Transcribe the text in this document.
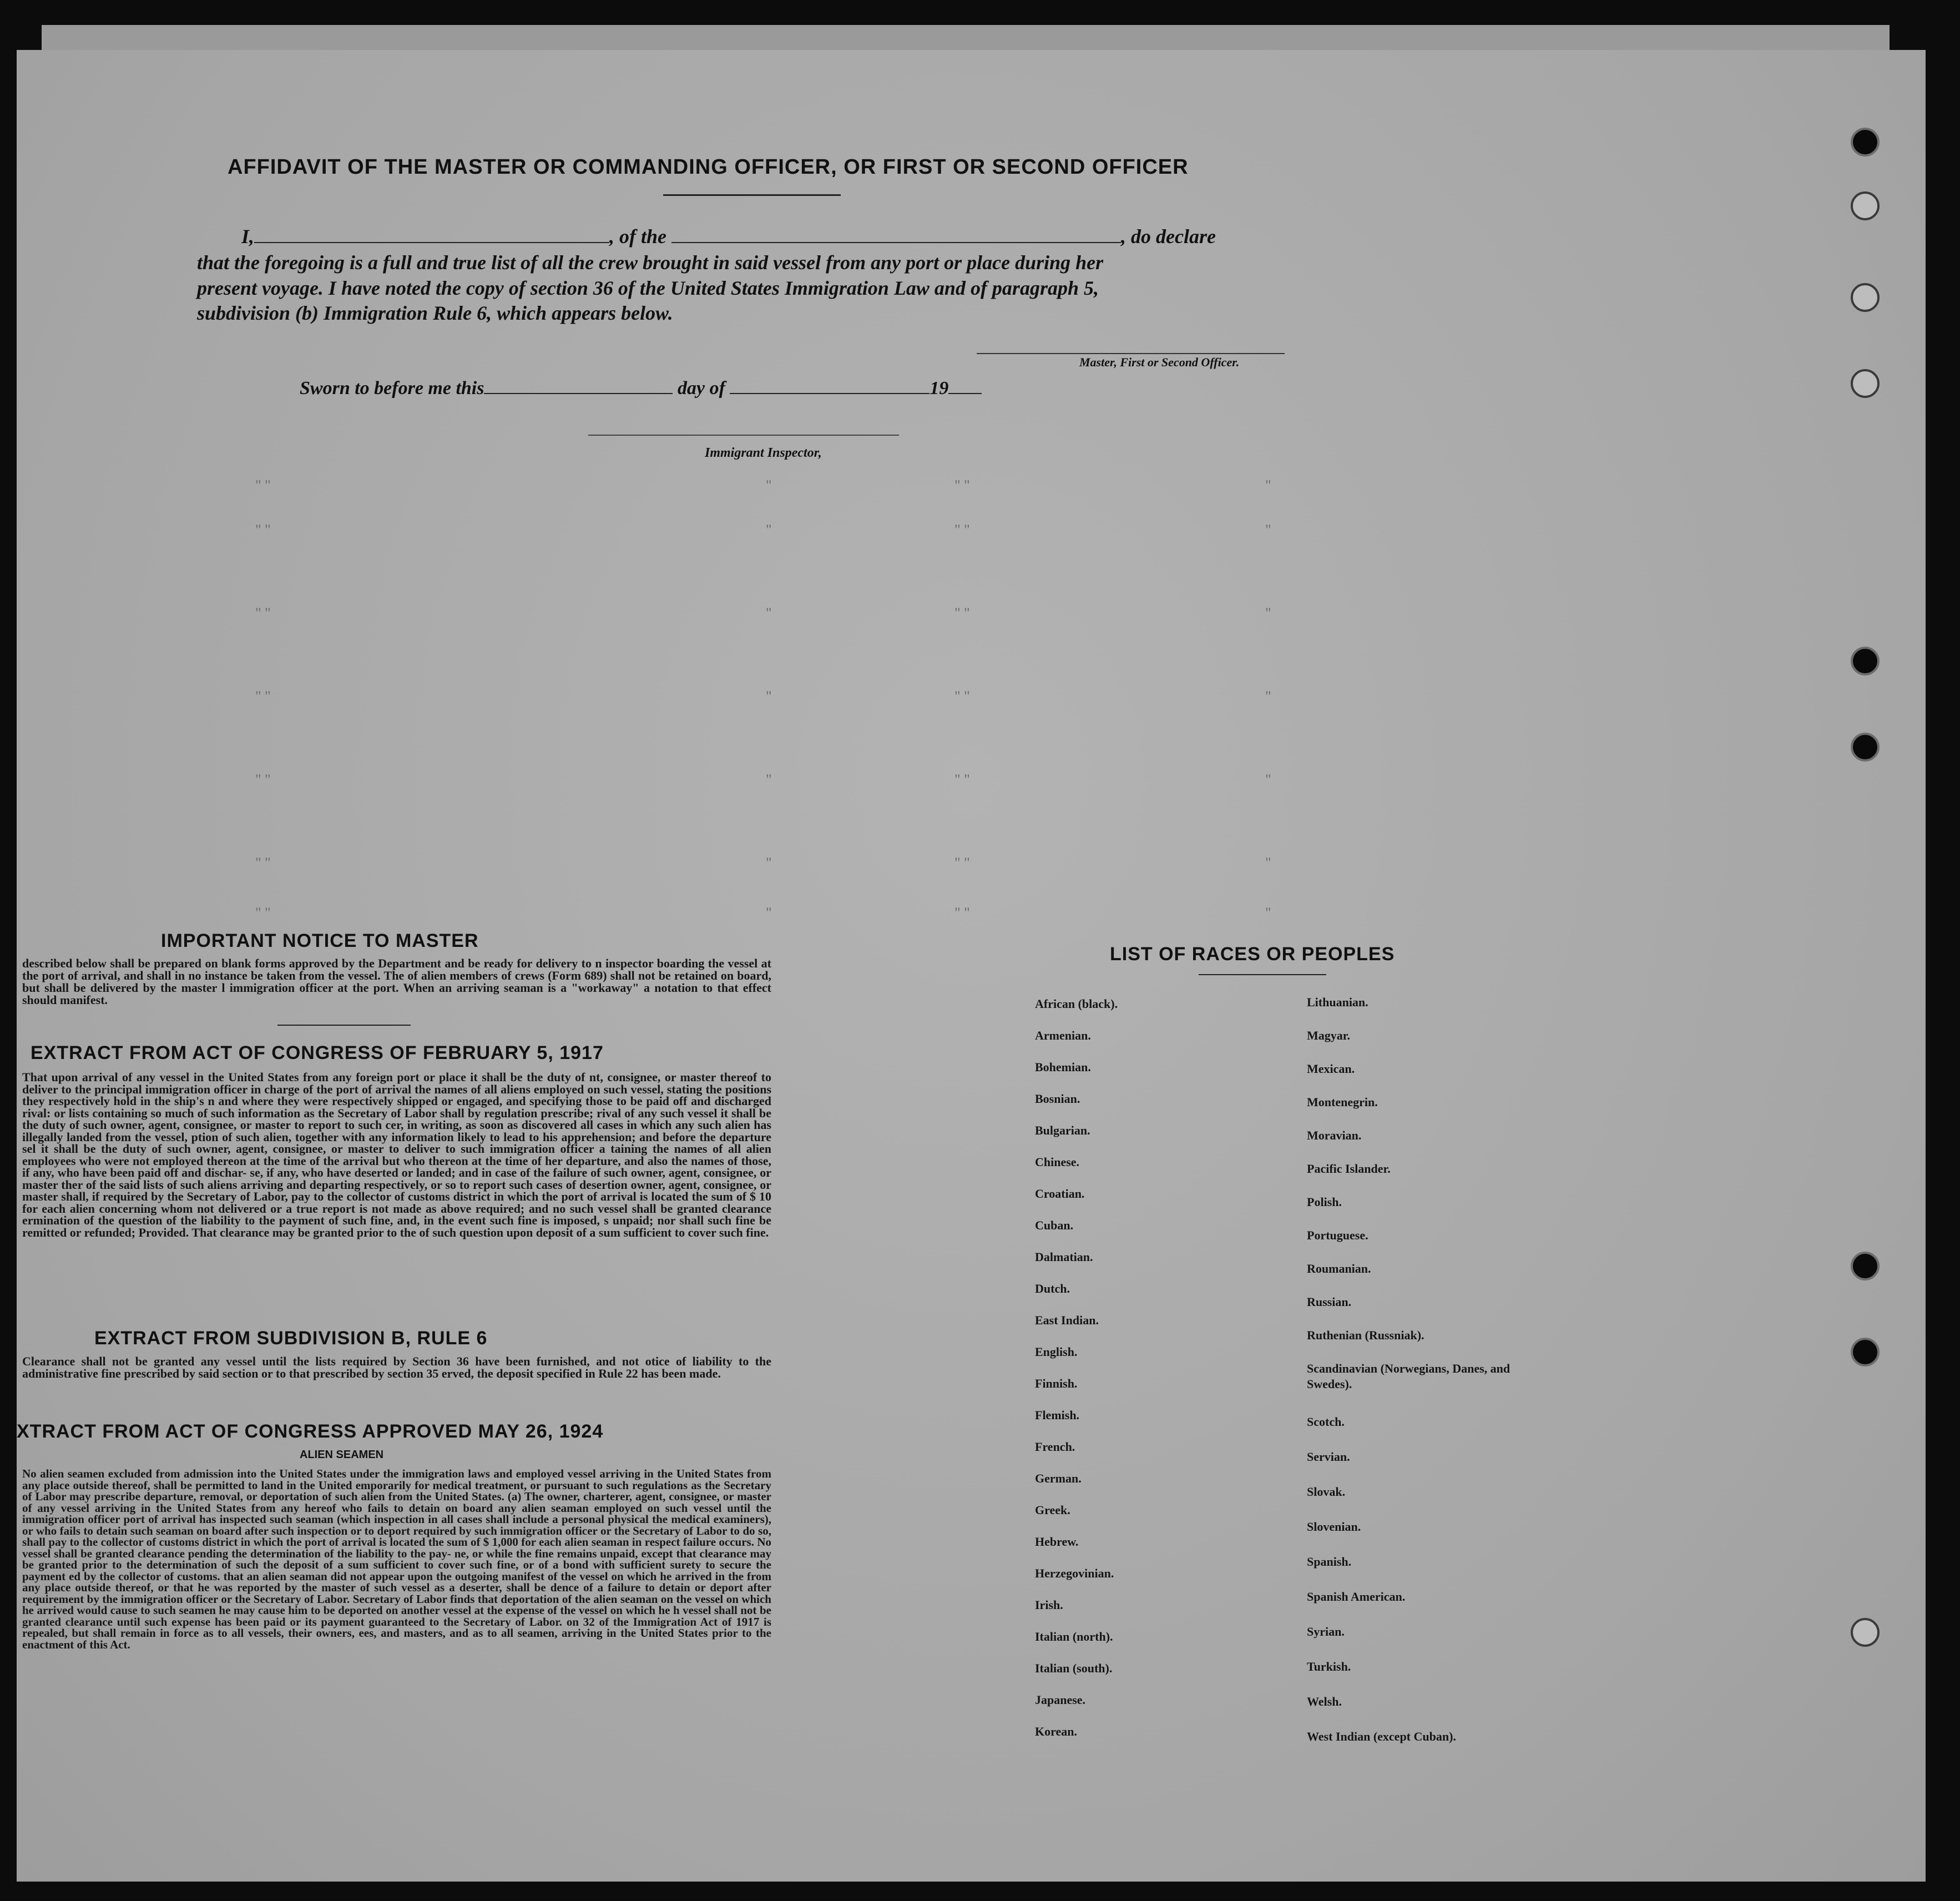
" "	"	" "	"
" "	"	" "	"
" "	"	" "	"
" "	"	" "	"
" "	"	" "	"
" "	"	" "	"
" "	"	" "	"
AFFIDAVIT OF THE MASTER OR COMMANDING OFFICER, OR FIRST OR SECOND OFFICER
I,	, of the	, do declare
that the foregoing is a full and true list of all the crew brought in said vessel from any port or place during her
present voyage. I have noted the copy of section 36 of the United States Immigration Law and of paragraph 5,
subdivision (b) Immigration Rule 6, which appears below.
Master, First or Second Officer.
Sworn to before me this	day of	19
Immigrant Inspector,
IMPORTANT NOTICE TO MASTER
described below shall be prepared on blank forms approved by the Department and be ready for delivery to n inspector boarding the vessel at the port of arrival, and shall in no instance be taken from the vessel. The of alien members of crews (Form 689) shall not be retained on board, but shall be delivered by the master l immigration officer at the port. When an arriving seaman is a "workaway" a notation to that effect should manifest.
EXTRACT FROM ACT OF CONGRESS OF FEBRUARY 5, 1917
That upon arrival of any vessel in the United States from any foreign port or place it shall be the duty of nt, consignee, or master thereof to deliver to the principal immigration officer in charge of the port of arrival the names of all aliens employed on such vessel, stating the positions they respectively hold in the ship's n and where they were respectively shipped or engaged, and specifying those to be paid off and discharged rival: or lists containing so much of such information as the Secretary of Labor shall by regulation prescribe; rival of any such vessel it shall be the duty of such owner, agent, consignee, or master to report to such cer, in writing, as soon as discovered all cases in which any such alien has illegally landed from the vessel, ption of such alien, together with any information likely to lead to his apprehension; and before the departure sel it shall be the duty of such owner, agent, consignee, or master to deliver to such immigration officer a taining the names of all alien employees who were not employed thereon at the time of the arrival but who thereon at the time of her departure, and also the names of those, if any, who have been paid off and dischar- se, if any, who have deserted or landed; and in case of the failure of such owner, agent, consignee, or master ther of the said lists of such aliens arriving and departing respectively, or so to report such cases of desertion owner, agent, consignee, or master shall, if required by the Secretary of Labor, pay to the collector of customs district in which the port of arrival is located the sum of $ 10 for each alien concerning whom not delivered or a true report is not made as above required; and no such vessel shall be granted clearance ermination of the question of the liability to the payment of such fine, and, in the event such fine is imposed, s unpaid; nor shall such fine be remitted or refunded; Provided. That clearance may be granted prior to the of such question upon deposit of a sum sufficient to cover such fine.
EXTRACT FROM SUBDIVISION B, RULE 6
Clearance shall not be granted any vessel until the lists required by Section 36 have been furnished, and not otice of liability to the administrative fine prescribed by said section or to that prescribed by section 35 erved, the deposit specified in Rule 22 has been made.
XTRACT FROM ACT OF CONGRESS APPROVED MAY 26, 1924
ALIEN SEAMEN
No alien seamen excluded from admission into the United States under the immigration laws and employed vessel arriving in the United States from any place outside thereof, shall be permitted to land in the United emporarily for medical treatment, or pursuant to such regulations as the Secretary of Labor may prescribe departure, removal, or deportation of such alien from the United States. (a) The owner, charterer, agent, consignee, or master of any vessel arriving in the United States from any hereof who fails to detain on board any alien seaman employed on such vessel until the immigration officer port of arrival has inspected such seaman (which inspection in all cases shall include a personal physical the medical examiners), or who fails to detain such seaman on board after such inspection or to deport required by such immigration officer or the Secretary of Labor to do so, shall pay to the collector of customs district in which the port of arrival is located the sum of $ 1,000 for each alien seaman in respect failure occurs. No vessel shall be granted clearance pending the determination of the liability to the pay- ne, or while the fine remains unpaid, except that clearance may be granted prior to the determination of such the deposit of a sum sufficient to cover such fine, or of a bond with sufficient surety to secure the payment ed by the collector of customs. that an alien seaman did not appear upon the outgoing manifest of the vessel on which he arrived in the from any place outside thereof, or that he was reported by the master of such vessel as a deserter, shall be dence of a failure to detain or deport after requirement by the immigration officer or the Secretary of Labor. Secretary of Labor finds that deportation of the alien seaman on the vessel on which he arrived would cause to such seamen he may cause him to be deported on another vessel at the expense of the vessel on which he h vessel shall not be granted clearance until such expense has been paid or its payment guaranteed to the Secretary of Labor. on 32 of the Immigration Act of 1917 is repealed, but shall remain in force as to all vessels, their owners, ees, and masters, and as to all seamen, arriving in the United States prior to the enactment of this Act.
LIST OF RACES OR PEOPLES
African (black).
Armenian.
Bohemian.
Bosnian.
Bulgarian.
Chinese.
Croatian.
Cuban.
Dalmatian.
Dutch.
East Indian.
English.
Finnish.
Flemish.
French.
German.
Greek.
Hebrew.
Herzegovinian.
Irish.
Italian (north).
Italian (south).
Japanese.
Korean.
Lithuanian.
Magyar.
Mexican.
Montenegrin.
Moravian.
Pacific Islander.
Polish.
Portuguese.
Roumanian.
Russian.
Ruthenian (Russniak).
Scandinavian (Norwegians, Danes, and Swedes).
Scotch.
Servian.
Slovak.
Slovenian.
Spanish.
Spanish American.
Syrian.
Turkish.
Welsh.
West Indian (except Cuban).
